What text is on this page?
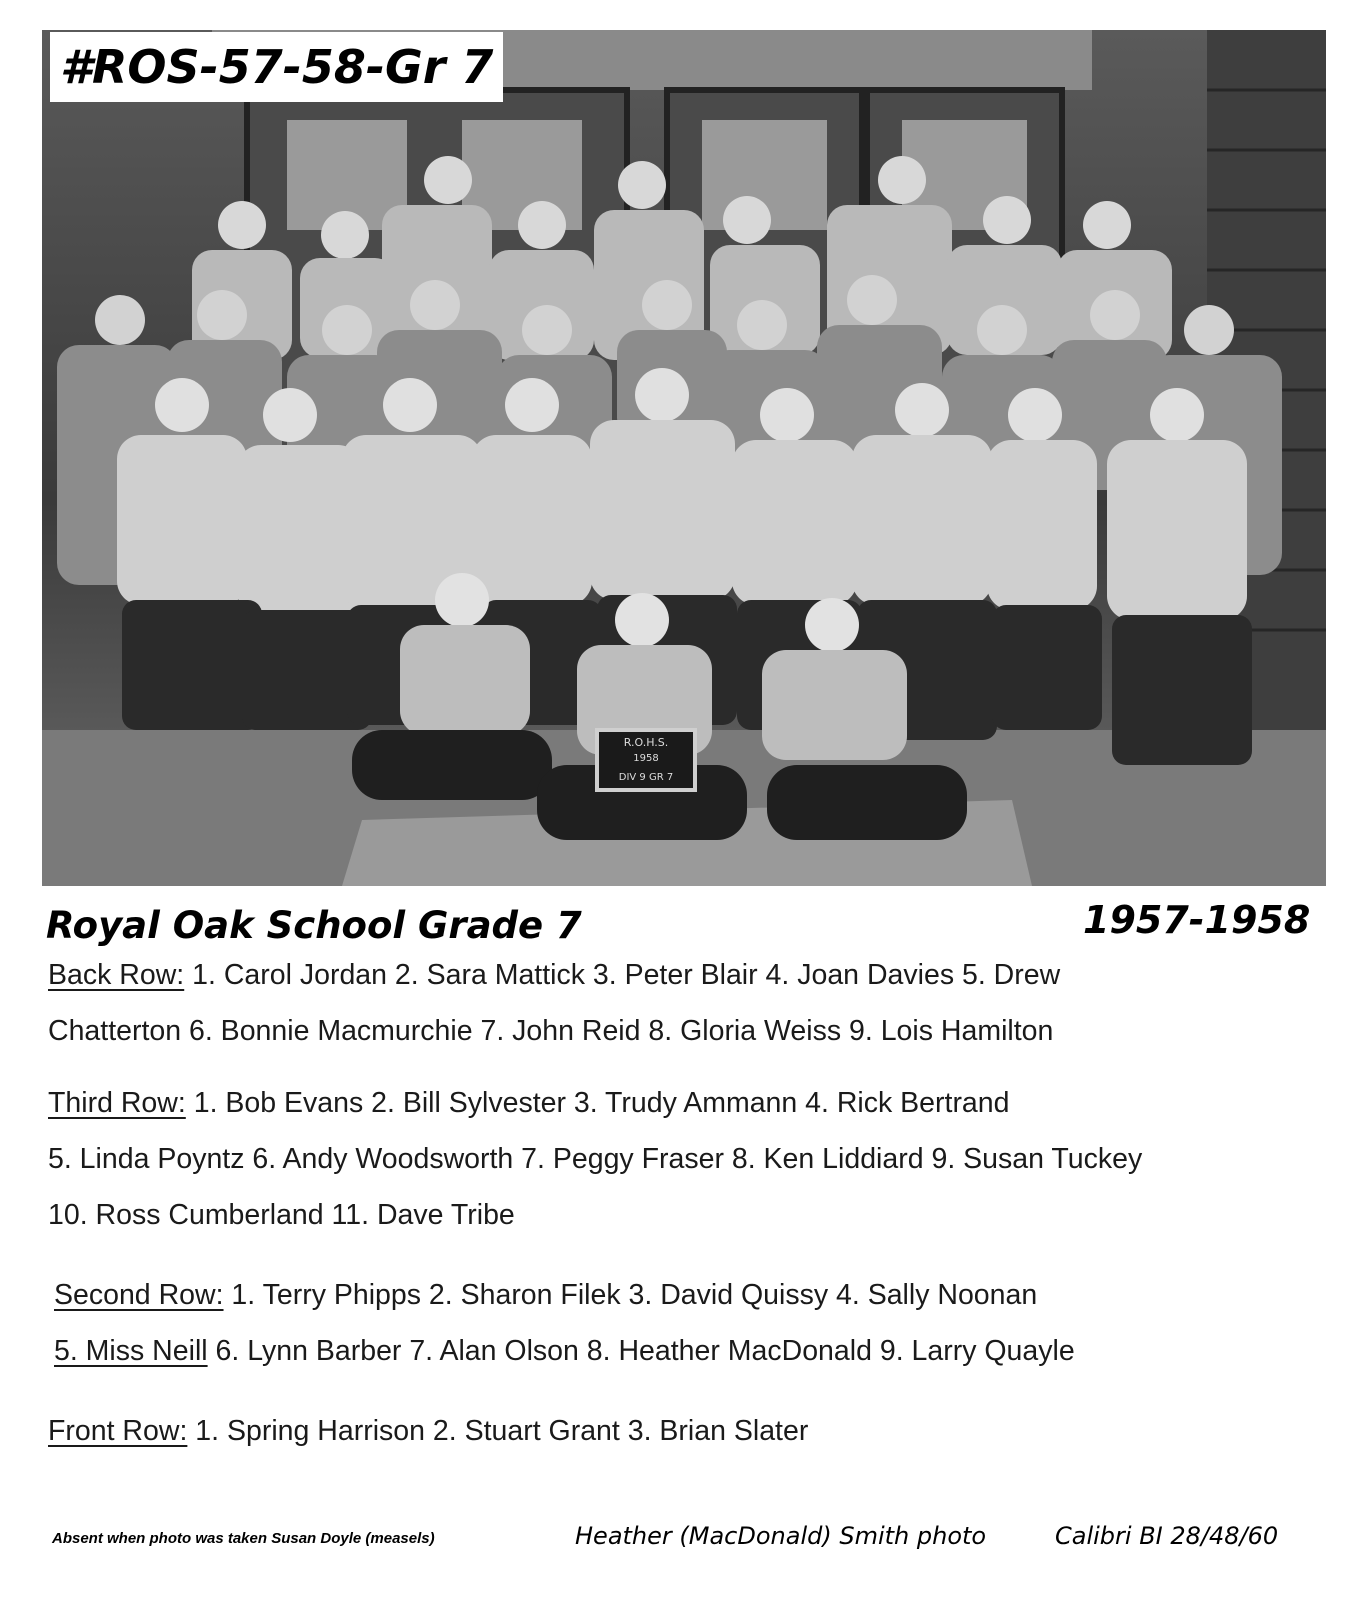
R.O.H.S.
1958
DIV 9 GR 7
#ROS-57-58-Gr 7
Royal Oak School Grade 7	1957-1958
Back Row: 1. Carol Jordan 2. Sara Mattick 3. Peter Blair 4. Joan Davies 5. Drew
Chatterton 6. Bonnie Macmurchie 7. John Reid 8. Gloria Weiss 9. Lois Hamilton
Third Row: 1. Bob Evans 2. Bill Sylvester 3. Trudy Ammann 4. Rick Bertrand
5. Linda Poyntz 6. Andy Woodsworth 7. Peggy Fraser 8. Ken Liddiard 9. Susan Tuckey
10. Ross Cumberland 11. Dave Tribe
Second Row: 1. Terry Phipps 2. Sharon Filek 3. David Quissy 4. Sally Noonan
5. Miss Neill 6. Lynn Barber 7. Alan Olson 8. Heather MacDonald 9. Larry Quayle
Front Row: 1. Spring Harrison 2. Stuart Grant 3. Brian Slater
Absent when photo was taken Susan Doyle (measels)	Heather (MacDonald) Smith photo	Calibri BI 28/48/60
